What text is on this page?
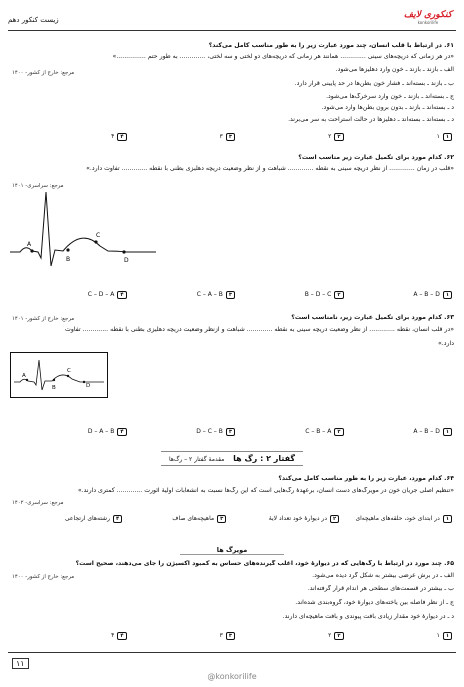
زیست کنکور دهم	کنکوری لایف
konkorilife
۶۱. در ارتباط با قلب انسان، چند مورد عبارت زیر را به طور مناسب کامل می‌کند؟
«در هر زمانی که دریچه‌های سینی ............. همانند هر زمانی که دریچه‌های دو لختی و سه لختی، ............. به طور حتم ...............»
مرجع: خارج از کشور- ۱۴۰۰	الف ـ بازند ـ بازند ـ خون وارد دهلیزها می‌شود.
ب ـ بازند ـ بسته‌اند ـ فشار خون بطن‌ها در حد پایینی قرار دارد.
ج ـ بسته‌اند ـ بازند ـ خون وارد سرخرگ‌ها می‌شود.
د ـ بسته‌اند ـ بازند ـ بدون برون بطن‌ها وارد می‌شود.
د ـ بسته‌اند ـ بسته‌اند ـ دهلیزها در حالت استراحت به سر می‌برند.
۱۱
۲۲
۳۳
۴۴
۶۲. کدام مورد برای تکمیل عبارت زیر مناسب است؟
«قلب در زمان ............. از نظر دریچه سینی به نقطه ............. شباهت و از نظر وضعیت دریچه دهلیزی بطنی با نقطه ............. تفاوت دارد.»
مرجع: سراسری- ۱۴۰۱
A
B
C
D
۱A – B – D
۲B – D – C
۳C – A – B
۴C – D – A
۶۳. کدام مورد برای تکمیل عبارت زیر، نامناسب است؟
مرجع: خارج از کشور- ۱۴۰۱
«در قلب انسان، نقطه ............. از نظر وضعیت دریچه سینی به نقطه ............. شباهت و ازنظر وضعیت دریچه دهلیزی بطنی با نقطه ............. تفاوت
دارد.»
A
B
C
D
۱A – B – D
۲C – B – A
۳D – C – B
۴D – A – B
گفتار ۲ : رگ ها مقدمهٔ گفتار ۲ – رگ‌ها
۶۴. کدام مورد، عبارت زیر را به طور مناسب کامل می‌کند؟
«تنظیم اصلی جریان خون در مویرگ‌های دست انسان، برعهدهٔ رگ‌هایی است که این رگ‌ها نسبت به انشعابات اولیهٔ آئورت ............. کمتری دارند.»
مرجع: سراسری- ۱۴۰۲
۱در ابتدای خود، حلقه‌های ماهیچه‌ای
۲در دیوارهٔ خود تعداد لایهٔ
۳ماهیچه‌های صاف
۴رشته‌های ارتجاعی
مویرگ ها
۶۵. چند مورد در ارتباط با رگ‌هایی که در دیوارهٔ خود، اغلب گیرنده‌های حساس به کمبود اکسیژن را جای می‌دهند، صحیح است؟
مرجع: خارج از کشور- ۱۴۰۰	الف ـ در برش عرضی بیشتر به شکل گرد دیده می‌شود.
ب ـ بیشتر در قسمت‌های سطحی هر اندام قرار گرفته‌اند.
ج ـ از نظر فاصله بین یاخته‌های دیوارهٔ خود، گروه‌بندی شده‌اند.
د ـ در دیوارهٔ خود مقدار زیادی بافت پیوندی و بافت ماهیچه‌ای دارند.
۱۱
۲۲
۳۳
۴۴
۱۱
@konkorilife
